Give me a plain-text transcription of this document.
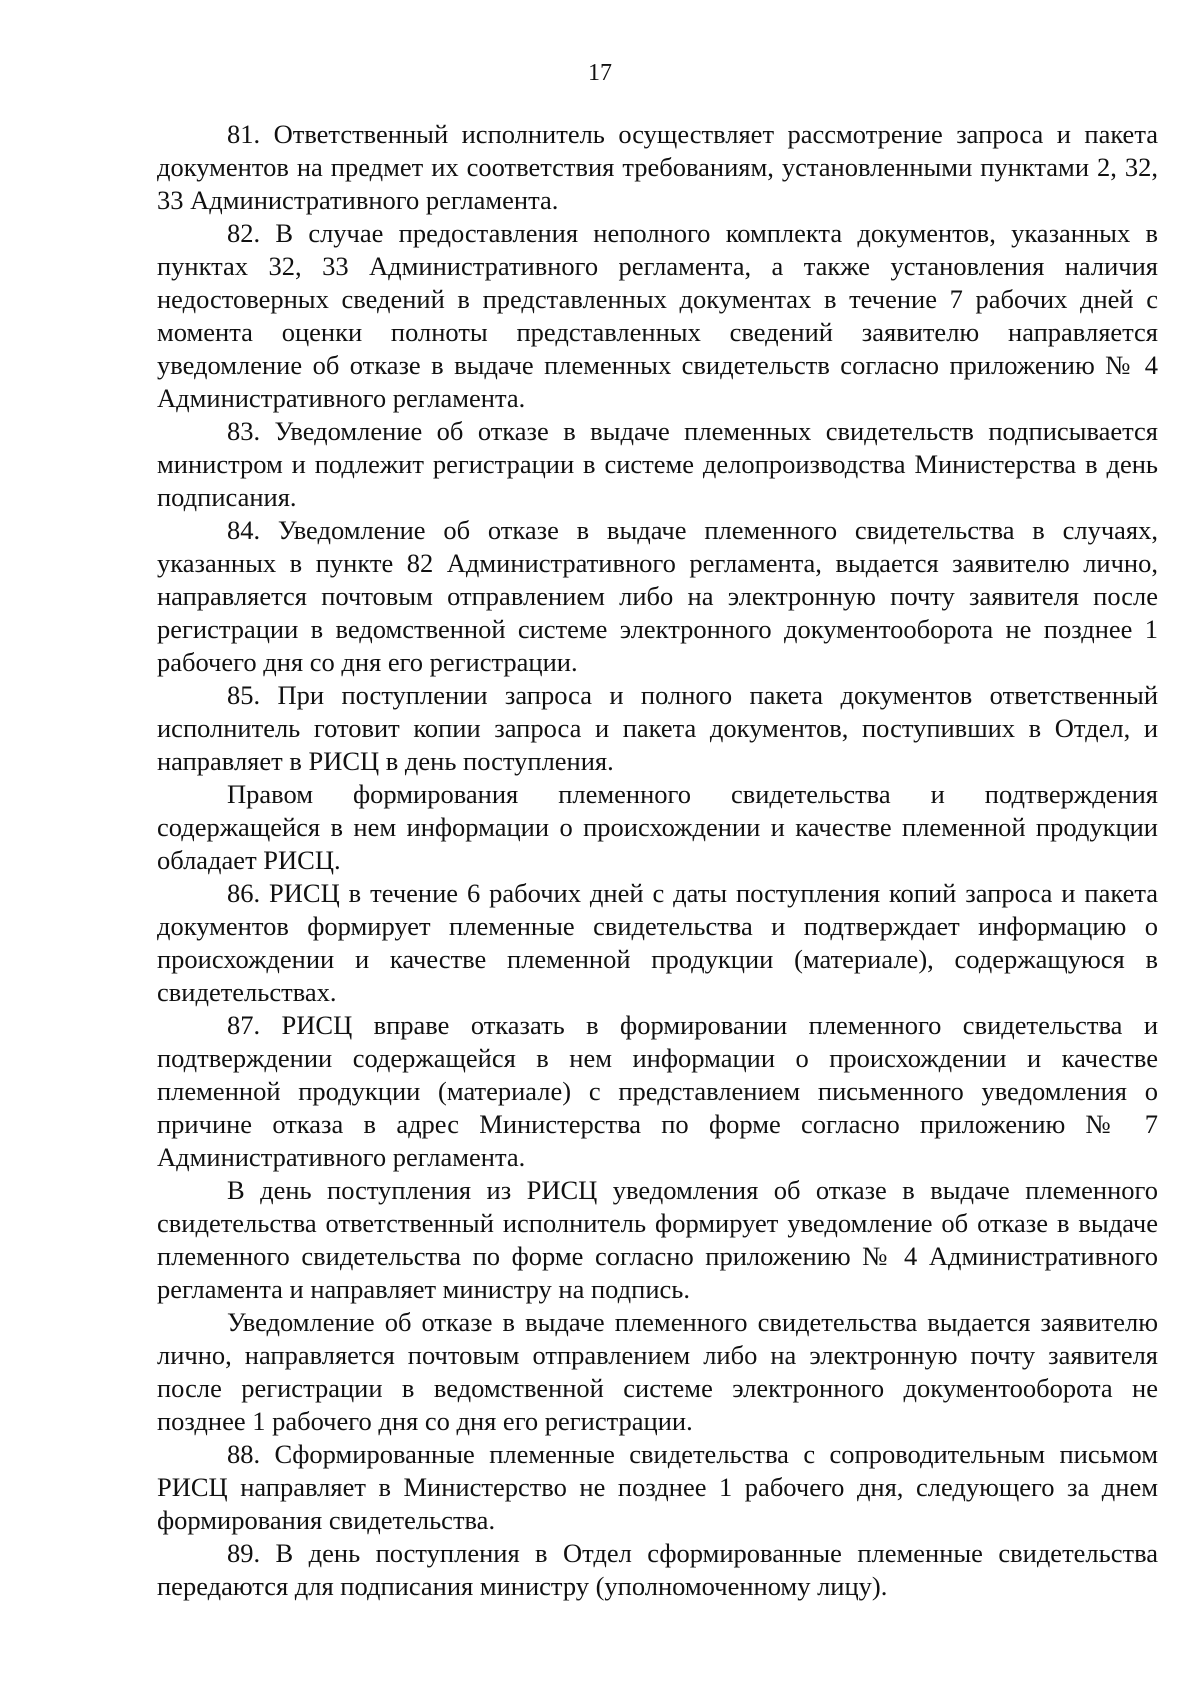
17

81. Ответственный исполнитель осуществляет рассмотрение запроса и пакета документов на предмет их соответствия требованиям, установленными пунктами 2, 32, 33 Административного регламента.

82. В случае предоставления неполного комплекта документов, указанных в пунктах 32, 33 Административного регламента, а также установления наличия недостоверных сведений в представленных документах в течение 7 рабочих дней с момента оценки полноты представленных сведений заявителю направляется уведомление об отказе в выдаче племенных свидетельств согласно приложению № 4 Административного регламента.

83. Уведомление об отказе в выдаче племенных свидетельств подписывается министром и подлежит регистрации в системе делопроизводства Министерства в день подписания.

84. Уведомление об отказе в выдаче племенного свидетельства в случаях, указанных в пункте 82 Административного регламента, выдается заявителю лично, направляется почтовым отправлением либо на электронную почту заявителя после регистрации в ведомственной системе электронного документооборота не позднее 1 рабочего дня со дня его регистрации.

85. При поступлении запроса и полного пакета документов ответственный исполнитель готовит копии запроса и пакета документов, поступивших в Отдел, и направляет в РИСЦ в день поступления.

Правом формирования племенного свидетельства и подтверждения содержащейся в нем информации о происхождении и качестве племенной продукции обладает РИСЦ.

86. РИСЦ в течение 6 рабочих дней с даты поступления копий запроса и пакета документов формирует племенные свидетельства и подтверждает информацию о происхождении и качестве племенной продукции (материале), содержащуюся в свидетельствах.

87. РИСЦ вправе отказать в формировании племенного свидетельства и подтверждении содержащейся в нем информации о происхождении и качестве племенной продукции (материале) с представлением письменного уведомления о причине отказа в адрес Министерства по форме согласно приложению № 7 Административного регламента.

В день поступления из РИСЦ уведомления об отказе в выдаче племенного свидетельства ответственный исполнитель формирует уведомление об отказе в выдаче племенного свидетельства по форме согласно приложению № 4 Административного регламента и направляет министру на подпись.

Уведомление об отказе в выдаче племенного свидетельства выдается заявителю лично, направляется почтовым отправлением либо на электронную почту заявителя после регистрации в ведомственной системе электронного документооборота не позднее 1 рабочего дня со дня его регистрации.

88. Сформированные племенные свидетельства с сопроводительным письмом РИСЦ направляет в Министерство не позднее 1 рабочего дня, следующего за днем формирования свидетельства.

89. В день поступления в Отдел сформированные племенные свидетельства передаются для подписания министру (уполномоченному лицу).
